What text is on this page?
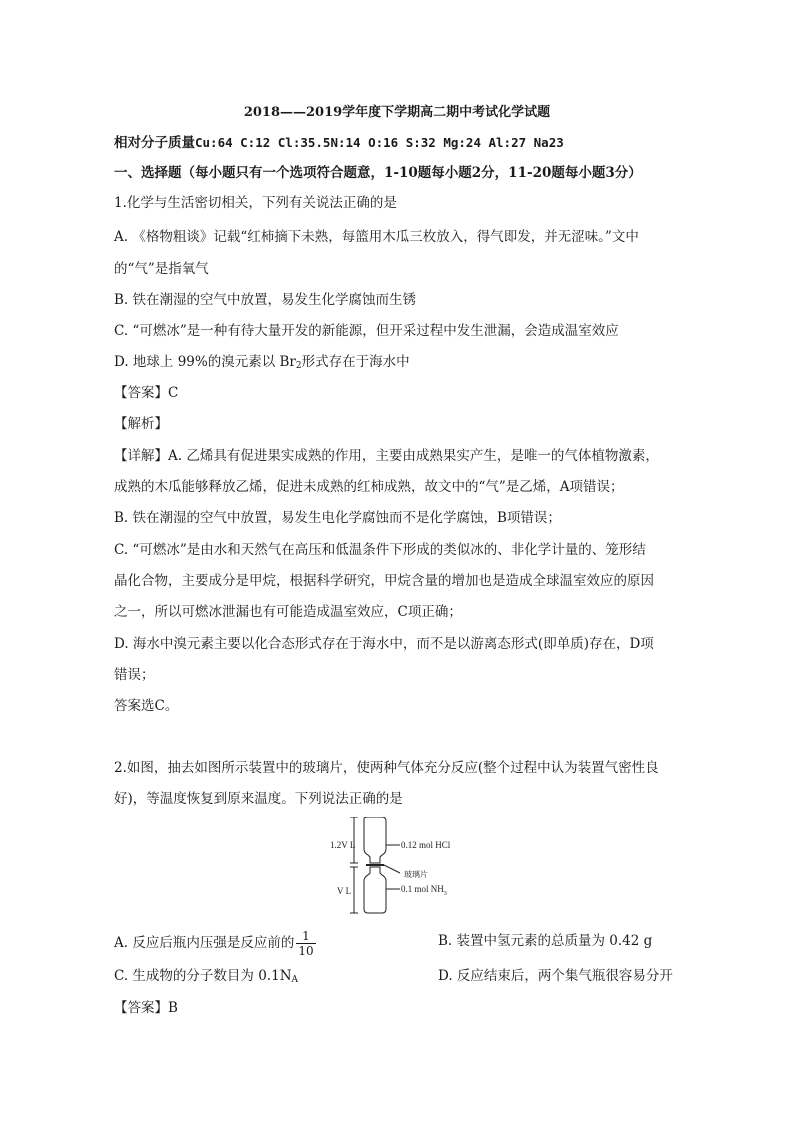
2018——2019学年度下学期高二期中考试化学试题
相对分子质量Cu:64 C:12 Cl:35.5N:14 O:16 S:32 Mg:24 Al:27 Na23
一、选择题（每小题只有一个选项符合题意，1-10题每小题2分，11-20题每小题3分）
1.化学与生活密切相关，下列有关说法正确的是
A. 《格物粗谈》记载“红柿摘下未熟，每篮用木瓜三枚放入，得气即发，并无涩味。”文中
的“气”是指氧气
B. 铁在潮湿的空气中放置，易发生化学腐蚀而生锈
C. “可燃冰”是一种有待大量开发的新能源，但开采过程中发生泄漏，会造成温室效应
D. 地球上 99%的溴元素以 $Br_2$形式存在于海水中
【答案】C
【解析】
【详解】A. 乙烯具有促进果实成熟的作用，主要由成熟果实产生，是唯一的气体植物激素，
成熟的木瓜能够释放乙烯，促进未成熟的红柿成熟，故文中的“气”是乙烯，A项错误；
B. 铁在潮湿的空气中放置，易发生电化学腐蚀而不是化学腐蚀，B项错误；
C. “可燃冰”是由水和天然气在高压和低温条件下形成的类似冰的、非化学计量的、笼形结
晶化合物，主要成分是甲烷，根据科学研究，甲烷含量的增加也是造成全球温室效应的原因
之一，所以可燃冰泄漏也有可能造成温室效应，C项正确；
D. 海水中溴元素主要以化合态形式存在于海水中，而不是以游离态形式(即单质)存在，D项
错误；
答案选C。
2.如图，抽去如图所示装置中的玻璃片，使两种气体充分反应(整个过程中认为装置气密性良
好)，等温度恢复到原来温度。下列说法正确的是
1.2V L
V L
0.12 mol HCl
玻璃片
0.1 mol $NH_3$
A. 反应后瓶内压强是反应前的 $\frac{1}{10}$	B. 装置中氢元素的总质量为 0.42 g
C. 生成物的分子数目为 $0.1N_A$	D. 反应结束后，两个集气瓶很容易分开
【答案】B
